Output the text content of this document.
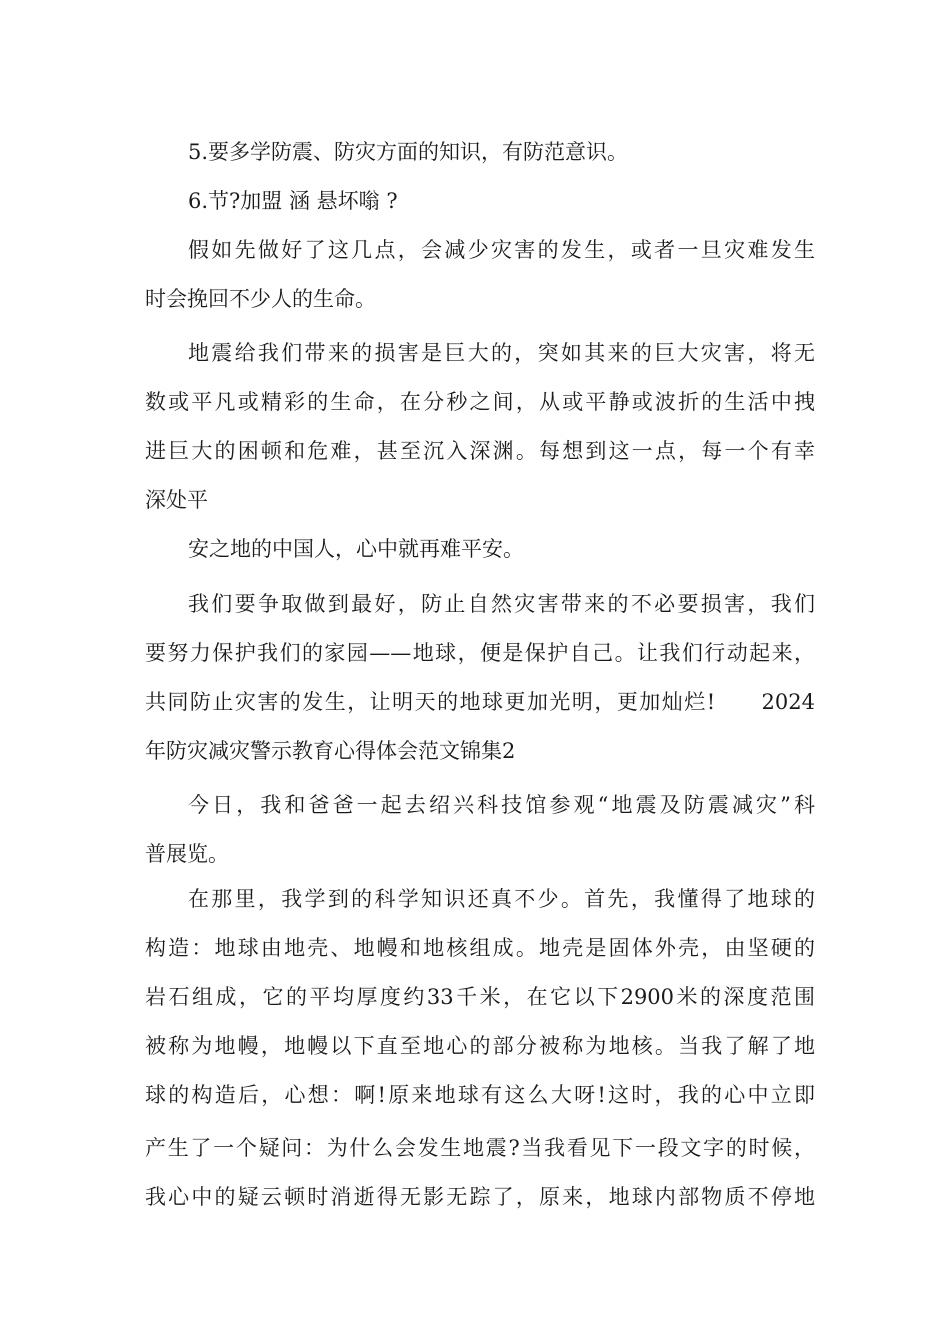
5.要多学防震、防灾方面的知识，有防范意识。
6.节?加盟 涵 悬坏嗡 ?
假如先做好了这几点，会减少灾害的发生，或者一旦灾难发生
时会挽回不少人的生命。
地震给我们带来的损害是巨大的，突如其来的巨大灾害，将无
数或平凡或精彩的生命，在分秒之间，从或平静或波折的生活中拽
进巨大的困顿和危难，甚至沉入深渊。每想到这一点，每一个有幸
深处平
安之地的中国人，心中就再难平安。
我们要争取做到最好，防止自然灾害带来的不必要损害，我们
要努力保护我们的家园——地球，便是保护自己。让我们行动起来，
共同防止灾害的发生，让明天的地球更加光明，更加灿烂!　　2024
年防灾减灾警示教育心得体会范文锦集2
今日，我和爸爸一起去绍兴科技馆参观“地震及防震减灾”科
普展览。
在那里，我学到的科学知识还真不少。首先，我懂得了地球的
构造：地球由地壳、地幔和地核组成。地壳是固体外壳，由坚硬的
岩石组成，它的平均厚度约33千米，在它以下2900米的深度范围
被称为地幔，地幔以下直至地心的部分被称为地核。当我了解了地
球的构造后，心想：啊!原来地球有这么大呀!这时，我的心中立即
产生了一个疑问：为什么会发生地震?当我看见下一段文字的时候，
我心中的疑云顿时消逝得无影无踪了，原来，地球内部物质不停地
